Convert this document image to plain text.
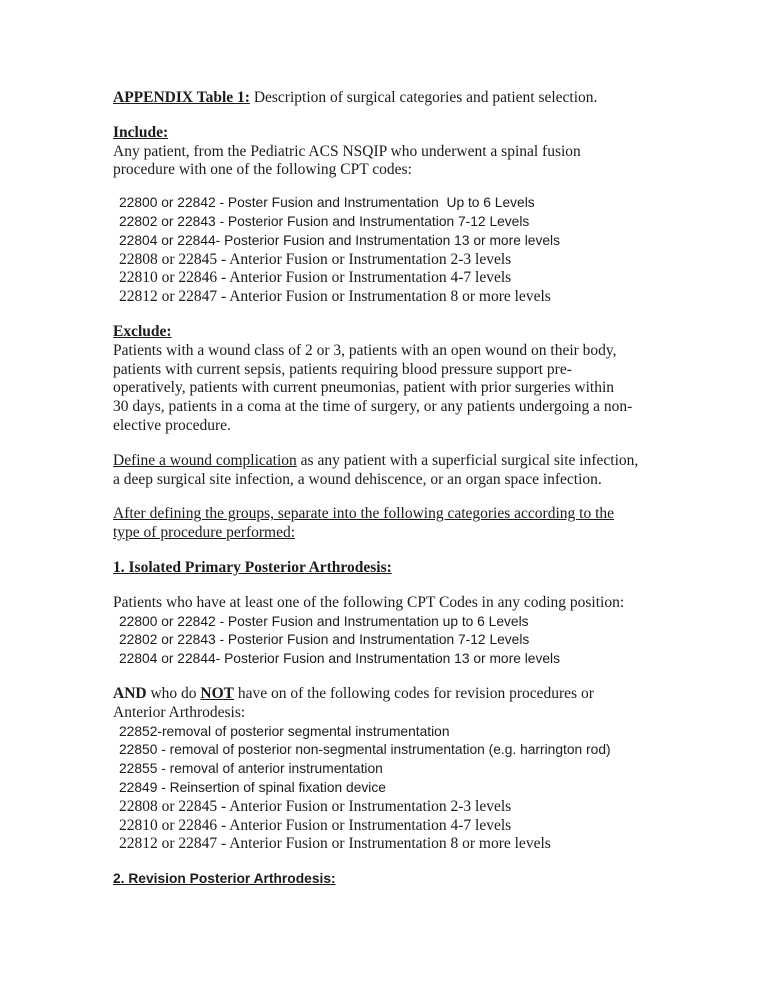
APPENDIX Table 1: Description of surgical categories and patient selection.
Include:
Any patient, from the Pediatric ACS NSQIP who underwent a spinal fusion
procedure with one of the following CPT codes:
22800 or 22842 - Poster Fusion and Instrumentation  Up to 6 Levels
22802 or 22843 - Posterior Fusion and Instrumentation 7-12 Levels
22804 or 22844- Posterior Fusion and Instrumentation 13 or more levels
22808 or 22845 - Anterior Fusion or Instrumentation 2-3 levels
22810 or 22846 - Anterior Fusion or Instrumentation 4-7 levels
22812 or 22847 - Anterior Fusion or Instrumentation 8 or more levels
Exclude:
Patients with a wound class of 2 or 3, patients with an open wound on their body,
patients with current sepsis, patients requiring blood pressure support pre-
operatively, patients with current pneumonias, patient with prior surgeries within
30 days, patients in a coma at the time of surgery, or any patients undergoing a non-
elective procedure.
Define a wound complication as any patient with a superficial surgical site infection,
a deep surgical site infection, a wound dehiscence, or an organ space infection.
After defining the groups, separate into the following categories according to the
type of procedure performed:
1. Isolated Primary Posterior Arthrodesis:
Patients who have at least one of the following CPT Codes in any coding position:
22800 or 22842 - Poster Fusion and Instrumentation up to 6 Levels
22802 or 22843 - Posterior Fusion and Instrumentation 7-12 Levels
22804 or 22844- Posterior Fusion and Instrumentation 13 or more levels
AND who do NOT have on of the following codes for revision procedures or
Anterior Arthrodesis:
22852-removal of posterior segmental instrumentation
22850 - removal of posterior non-segmental instrumentation (e.g. harrington rod)
22855 - removal of anterior instrumentation
22849 - Reinsertion of spinal fixation device
22808 or 22845 - Anterior Fusion or Instrumentation 2-3 levels
22810 or 22846 - Anterior Fusion or Instrumentation 4-7 levels
22812 or 22847 - Anterior Fusion or Instrumentation 8 or more levels
2. Revision Posterior Arthrodesis:
